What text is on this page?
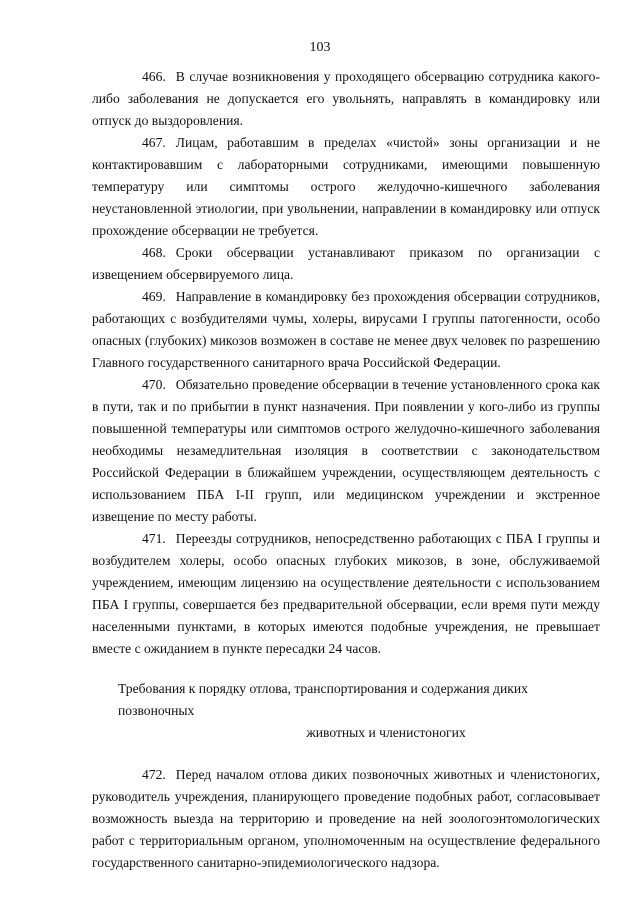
103

466. В случае возникновения у проходящего обсервацию сотрудника какого-либо заболевания не допускается его увольнять, направлять в командировку или отпуск до выздоровления.

467. Лицам, работавшим в пределах «чистой» зоны организации и не контактировавшим с лабораторными сотрудниками, имеющими повышенную температуру или симптомы острого желудочно-кишечного заболевания неустановленной этиологии, при увольнении, направлении в командировку или отпуск прохождение обсервации не требуется.

468. Сроки обсервации устанавливают приказом по организации с извещением обсервируемого лица.

469. Направление в командировку без прохождения обсервации сотрудников, работающих с возбудителями чумы, холеры, вирусами I группы патогенности, особо опасных (глубоких) микозов возможен в составе не менее двух человек по разрешению Главного государственного санитарного врача Российской Федерации.

470. Обязательно проведение обсервации в течение установленного срока как в пути, так и по прибытии в пункт назначения. При появлении у кого-либо из группы повышенной температуры или симптомов острого желудочно-кишечного заболевания необходимы незамедлительная изоляция в соответствии с законодательством Российской Федерации в ближайшем учреждении, осуществляющем деятельность с использованием ПБА I-II групп, или медицинском учреждении и экстренное извещение по месту работы.

471. Переезды сотрудников, непосредственно работающих с ПБА I группы и возбудителем холеры, особо опасных глубоких микозов, в зоне, обслуживаемой учреждением, имеющим лицензию на осуществление деятельности с использованием ПБА I группы, совершается без предварительной обсервации, если время пути между населенными пунктами, в которых имеются подобные учреждения, не превышает вместе с ожиданием в пункте пересадки 24 часов.

Требования к порядку отлова, транспортирования и содержания диких позвоночных
животных и членистоногих

472. Перед началом отлова диких позвоночных животных и членистоногих, руководитель учреждения, планирующего проведение подобных работ, согласовывает возможность выезда на территорию и проведение на ней зоологоэнтомологических работ с территориальным органом, уполномоченным на осуществление федерального государственного санитарно-эпидемиологического надзора.
